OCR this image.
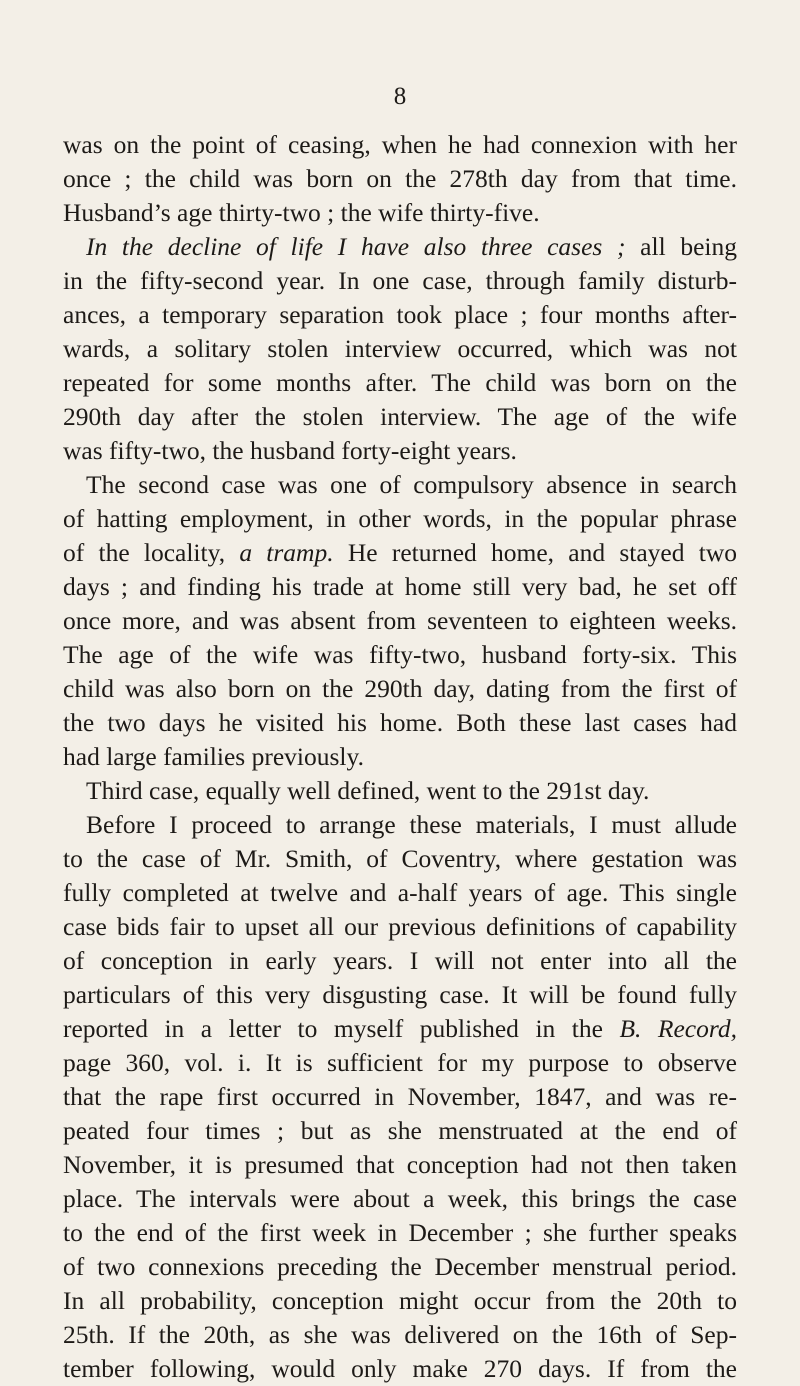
8
was on the point of ceasing, when he had connexion with her
once ; the child was born on the 278th day from that time.
Husband’s age thirty-two ; the wife thirty-five.
In the decline of life I have also three cases ; all being
in the fifty-second year. In one case, through family disturb-
ances, a temporary separation took place ; four months after-
wards, a solitary stolen interview occurred, which was not
repeated for some months after. The child was born on the
290th day after the stolen interview. The age of the wife
was fifty-two, the husband forty-eight years.
The second case was one of compulsory absence in search
of hatting employment, in other words, in the popular phrase
of the locality, a tramp. He returned home, and stayed two
days ; and finding his trade at home still very bad, he set off
once more, and was absent from seventeen to eighteen weeks.
The age of the wife was fifty-two, husband forty-six. This
child was also born on the 290th day, dating from the first of
the two days he visited his home. Both these last cases had
had large families previously.
Third case, equally well defined, went to the 291st day.
Before I proceed to arrange these materials, I must allude
to the case of Mr. Smith, of Coventry, where gestation was
fully completed at twelve and a-half years of age. This single
case bids fair to upset all our previous definitions of capability
of conception in early years. I will not enter into all the
particulars of this very disgusting case. It will be found fully
reported in a letter to myself published in the B. Record,
page 360, vol. i. It is sufficient for my purpose to observe
that the rape first occurred in November, 1847, and was re-
peated four times ; but as she menstruated at the end of
November, it is presumed that conception had not then taken
place. The intervals were about a week, this brings the case
to the end of the first week in December ; she further speaks
of two connexions preceding the December menstrual period.
In all probability, conception might occur from the 20th to
25th. If the 20th, as she was delivered on the 16th of Sep-
tember following, would only make 270 days. If from the
